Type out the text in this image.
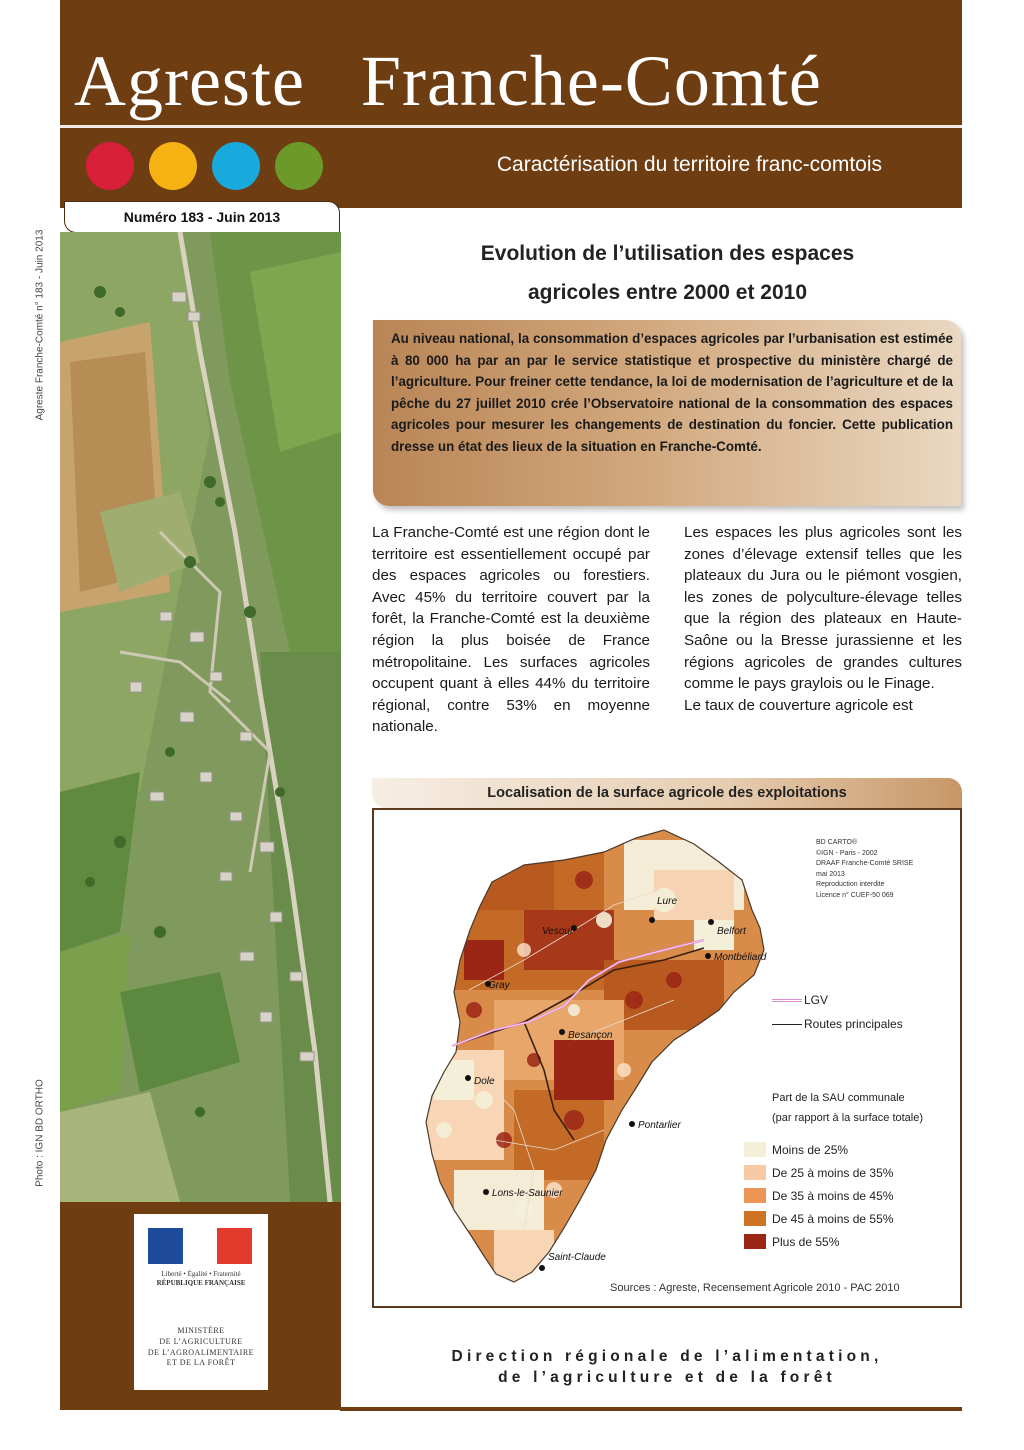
Agreste Franche-Comté n° 183 - Juin 2013
Photo : IGN BD ORTHO
Agreste Franche-Comté
Caractérisation du territoire franc-comtois
Numéro 183 - Juin 2013
Liberté • Égalité • Fraternité
RÉPUBLIQUE FRANÇAISE
MINISTÈRE
DE L’AGRICULTURE
DE L’AGROALIMENTAIRE
ET DE LA FORÊT
Evolution de l’utilisation des espaces
agricoles entre 2000 et 2010

Au niveau national, la consommation d’espaces agricoles par l’urbanisation est estimée à 80 000 ha par an par le service statistique et prospective du ministère chargé de l’agriculture. Pour freiner cette tendance, la loi de modernisation de l’agriculture et de la pêche du 27 juillet 2010 crée l’Observatoire national de la consommation des espaces agricoles pour mesurer les changements de destination du foncier. Cette publication dresse un état des lieux de la situation en Franche-Comté.

La Franche-Comté est une région dont le territoire est essentiellement occupé par des espaces agricoles ou forestiers. Avec 45% du territoire couvert par la forêt, la Franche-Comté est la deuxième région la plus boisée de France métropolitaine. Les surfaces agricoles occupent quant à elles 44% du territoire régional, contre 53% en moyenne nationale.

Les espaces les plus agricoles sont les zones d’élevage extensif telles que les plateaux du Jura ou le piémont vosgien, les zones de polyculture-élevage telles que la région des plateaux en Haute-Saône ou la Bresse jurassienne et les régions agricoles de grandes cultures comme le pays graylois ou le Finage.

Le taux de couverture agricole est

Localisation de la surface agricole des exploitations
Lure
Vesoul	Belfort
Montbéliard
Gray
Besançon
Dole
Pontarlier
Lons-le-Saunier
Saint-Claude
BD CARTO®
©IGN - Paris - 2002
DRAAF Franche-Comté SRISE
mai 2013
Reproduction interdite
Licence n° CUEF-50 069
LGV
Routes principales
Part de la SAU communale
(par rapport à la surface totale)
Moins de 25%
De 25 à moins de 35%
De 35 à moins de 45%
De 45 à moins de 55%
Plus de 55%
Sources : Agreste, Recensement Agricole 2010 - PAC 2010
Direction régionale de l’alimentation,
de l’agriculture et de la forêt
